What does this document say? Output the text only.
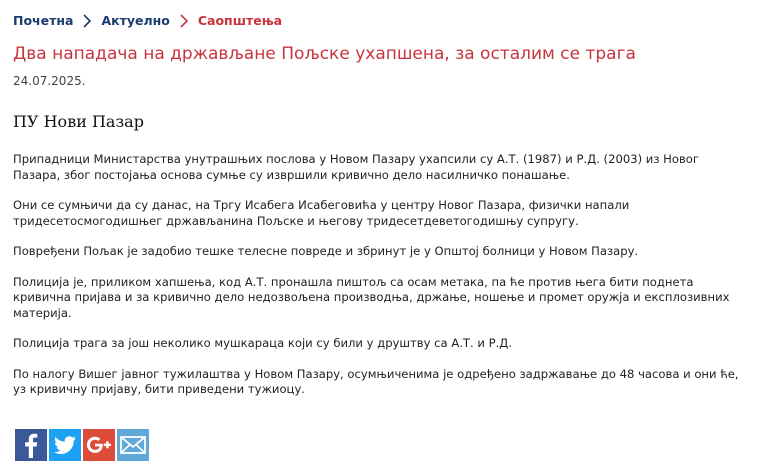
Почетна Актуелно Саопштења
Два нападача на држављане Пољске ухапшена, за осталим се трага
24.07.2025.
ПУ Нови Пазар

Припадници Министарства унутрашњих послова у Новом Пазару ухапсили су А.Т. (1987) и Р.Д. (2003) из Новог Пазара, због постојања основа сумње су извршили кривично дело насилничко понашање.

Они се сумњичи да су данас, на Тргу Исабега Исабеговића у центру Новог Пазара, физички напали тридесетосмогодишњег држављанина Пољске и његову тридесетдеветогодишњу супругу.

Повређени Пољак је задобио тешке телесне повреде и збринут је у Општој болници у Новом Пазару.

Полиција је, приликом хапшења, код А.Т. пронашла пиштољ са осам метака, па ће против њега бити поднета кривична пријава и за кривично дело недозвољена производња, држање, ношење и промет оружја и експлозивних материја.

Полиција трага за још неколико мушкараца који су били у друштву са А.Т. и Р.Д.

По налогу Вишег јавног тужилаштва у Новом Пазару, осумњиченима је одређено задржавање до 48 часова и они ће, уз кривичну пријаву, бити приведени тужиоцу.
